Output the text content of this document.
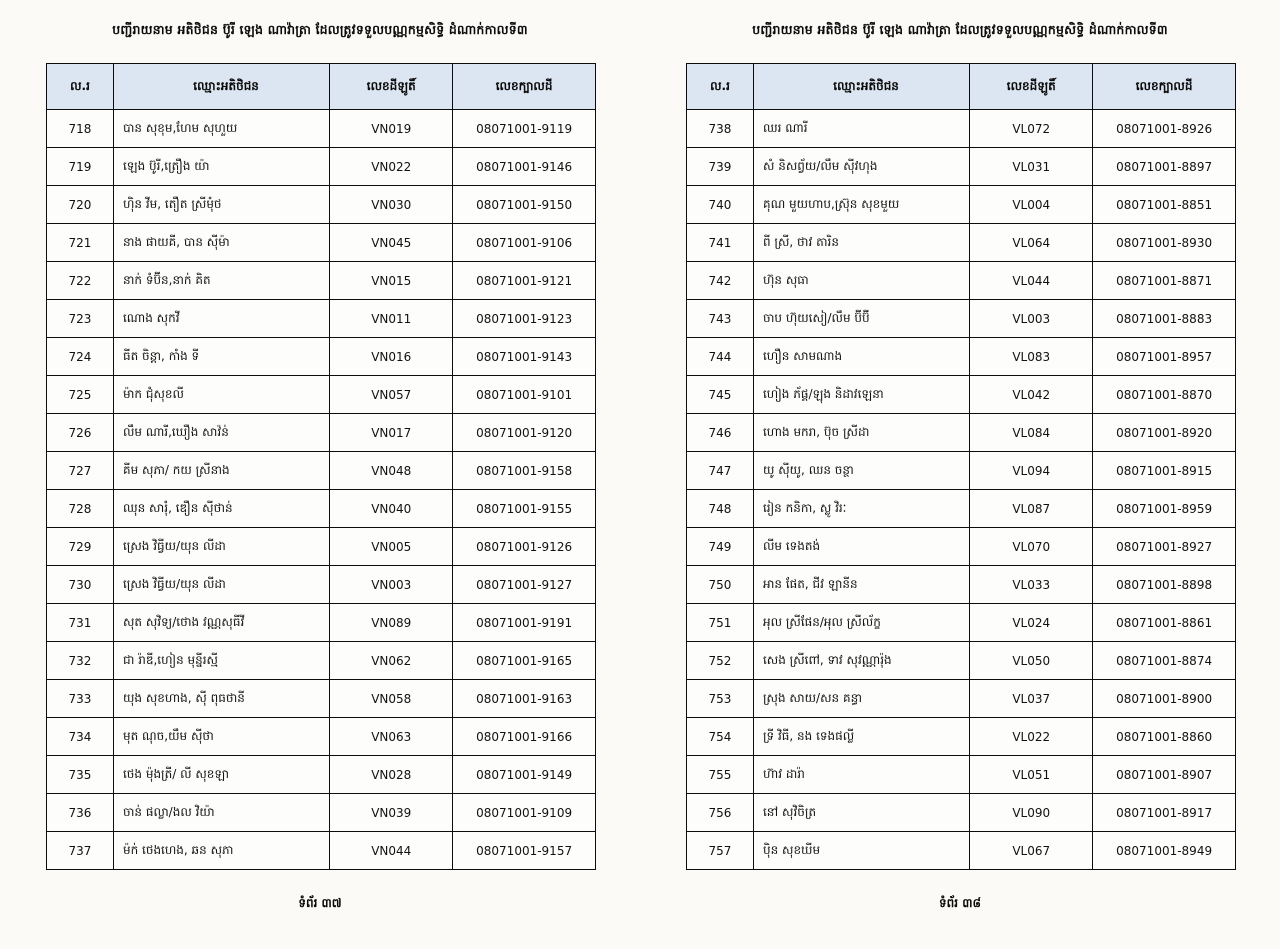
បញ្ជីរាយនាម អតិថិជន ប៊ូរី ឡេង ណាវ៉ាត្រា ដែលត្រូវទទួលបណ្ណកម្មសិទ្ធិ ដំណាក់កាលទី៣
ល.រ	ឈ្មោះអតិថិជន	លេខដីឡូតិ៍	លេខក្បាលដី
718	បាន សុខុម,ហែម សុហួយ	VN019	08071001-9119
719	ឡេង ប៊ូរី,ត្រឿង យ៉ា	VN022	08071001-9146
720	ហ៊ិន វីម, តឿត ស្រីមុំថ	VN030	08071001-9150
721	នាង ផាយគី, បាន ស៊ីម៉ា	VN045	08071001-9106
722	នាក់ ទំប៊ីន,នាក់ គិត	VN015	08071001-9121
723	ណោង សុកវី	VN011	08071001-9123
724	ធីត ចិន្តា, កាំង ទី	VN016	08071001-9143
725	ម៉ាក ជុំសុខលី	VN057	08071001-9101
726	លឹម ណារី,ឃឿង សាវ៉ន់	VN017	08071001-9120
727	គីម សុភា/ កយ ស្រីនាង	VN048	08071001-9158
728	ឈុន សារុំ, ឌឿន ស៊ីថាន់	VN040	08071001-9155
729	ស្រេង វិធ្វីយ/យុន លីដា	VN005	08071001-9126
730	ស្រេង វិធ្វីយ/យុន លីដា	VN003	08071001-9127
731	សុត សុវិទ្យ/ថោង វណ្ណសុធីវី	VN089	08071001-9191
732	ជា រ៉ាឌី,ហៀន មុន្នីរស្មី	VN062	08071001-9165
733	យុង សុខហាង, ស៊ី ពុធថានី	VN058	08071001-9163
734	មុត ណុច,យឹម ស៊ីថា	VN063	08071001-9166
735	ថេង ម៉ុងត្រី/ លី សុខឡា	VN028	08071001-9149
736	ចាន់ ផល្លា/ងល វិយ៉ា	VN039	08071001-9109
737	ម៉ក់ ថេងហេង, ឆន សុភា	VN044	08071001-9157
ទំព័រ ៣៧
បញ្ជីរាយនាម អតិថិជន ប៊ូរី ឡេង ណាវ៉ាត្រា ដែលត្រូវទទួលបណ្ណកម្មសិទ្ធិ ដំណាក់កាលទី៣
ល.រ	ឈ្មោះអតិថិជន	លេខដីឡូតិ៍	លេខក្បាលដី
738	ឈរ ណារី	VL072	08071001-8926
739	សំ និសព្វ័យ/លឹម ស៊ីវហុង	VL031	08071001-8897
740	គុណ មួយហាប,ស្រ៊ុន សុខមួយ	VL004	08071001-8851
741	ពី ស្រី, ថាវ តារិន	VL064	08071001-8930
742	ហ៊ុន សុធា	VL044	08071001-8871
743	ចាប ហ៊ុយសៀ/លឹម ប៊ីប៊ី	VL003	08071001-8883
744	ហឿន សាមណាង	VL083	08071001-8957
745	ហៀង ភ័ផ្គ/ឡុង និដាវឡេនា	VL042	08071001-8870
746	ហោង មករា, ប៊ុច ស្រីដា	VL084	08071001-8920
747	យូ ស៊ីយូ, ឈន ចន្ថា	VL094	08071001-8915
748	រៀន កនិកា, ស្លូ វិរៈ	VL087	08071001-8959
749	លីម ទេងតង់	VL070	08071001-8927
750	អាន ផែត, ជីវ ឡានីន	VL033	08071001-8898
751	អុល ស្រីផែន/អុល ស្រីល័ក្ខ	VL024	08071001-8861
752	សេង ស្រីពៅ, ទាវ សុវណ្ណារ៉ុង	VL050	08071001-8874
753	ស្រុង សាយ/សន គន្ធា	VL037	08071001-8900
754	ទ្រី វិធី, នង ទេងផល្លី	VL022	08071001-8860
755	ហ៊ាវ ដារ៉ា	VL051	08071001-8907
756	នៅ សុវិចិត្រ	VL090	08071001-8917
757	ប៉ិន សុខឃីម	VL067	08071001-8949
ទំព័រ ៣៨
